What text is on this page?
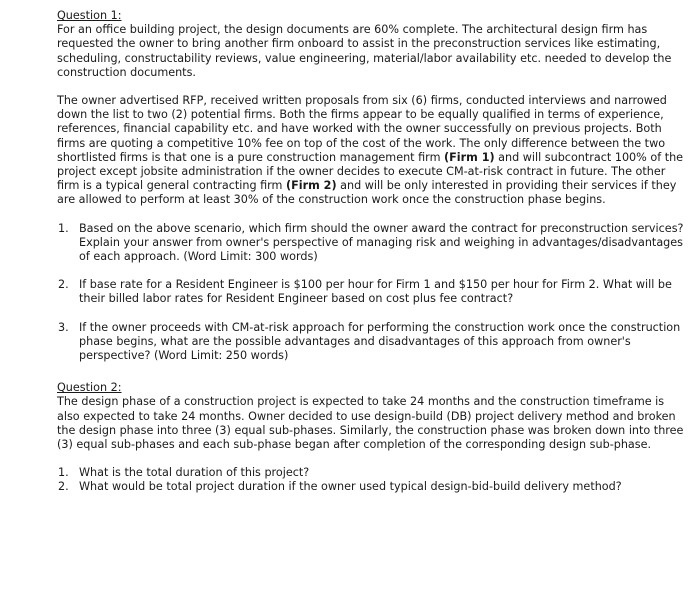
Question 1:

For an office building project, the design documents are 60% complete. The architectural design firm has requested the owner to bring another firm onboard to assist in the preconstruction services like estimating, scheduling, constructability reviews, value engineering, material/labor availability etc. needed to develop the construction documents.

The owner advertised RFP, received written proposals from six (6) firms, conducted interviews and narrowed down the list to two (2) potential firms. Both the firms appear to be equally qualified in terms of experience, references, financial capability etc. and have worked with the owner successfully on previous projects. Both firms are quoting a competitive 10% fee on top of the cost of the work. The only difference between the two shortlisted firms is that one is a pure construction management firm (Firm 1) and will subcontract 100% of the project except jobsite administration if the owner decides to execute CM-at-risk contract in future. The other firm is a typical general contracting firm (Firm 2) and will be only interested in providing their services if they are allowed to perform at least 30% of the construction work once the construction phase begins.

1. Based on the above scenario, which firm should the owner award the contract for preconstruction services? Explain your answer from owner's perspective of managing risk and weighing in advantages/disadvantages of each approach. (Word Limit: 300 words)
2. If base rate for a Resident Engineer is $100 per hour for Firm 1 and $150 per hour for Firm 2. What will be their billed labor rates for Resident Engineer based on cost plus fee contract?
3. If the owner proceeds with CM-at-risk approach for performing the construction work once the construction phase begins, what are the possible advantages and disadvantages of this approach from owner's perspective? (Word Limit: 250 words)
Question 2:

The design phase of a construction project is expected to take 24 months and the construction timeframe is also expected to take 24 months. Owner decided to use design-build (DB) project delivery method and broken the design phase into three (3) equal sub-phases. Similarly, the construction phase was broken down into three (3) equal sub-phases and each sub-phase began after completion of the corresponding design sub-phase.

1. What is the total duration of this project?
2. What would be total project duration if the owner used typical design-bid-build delivery method?
